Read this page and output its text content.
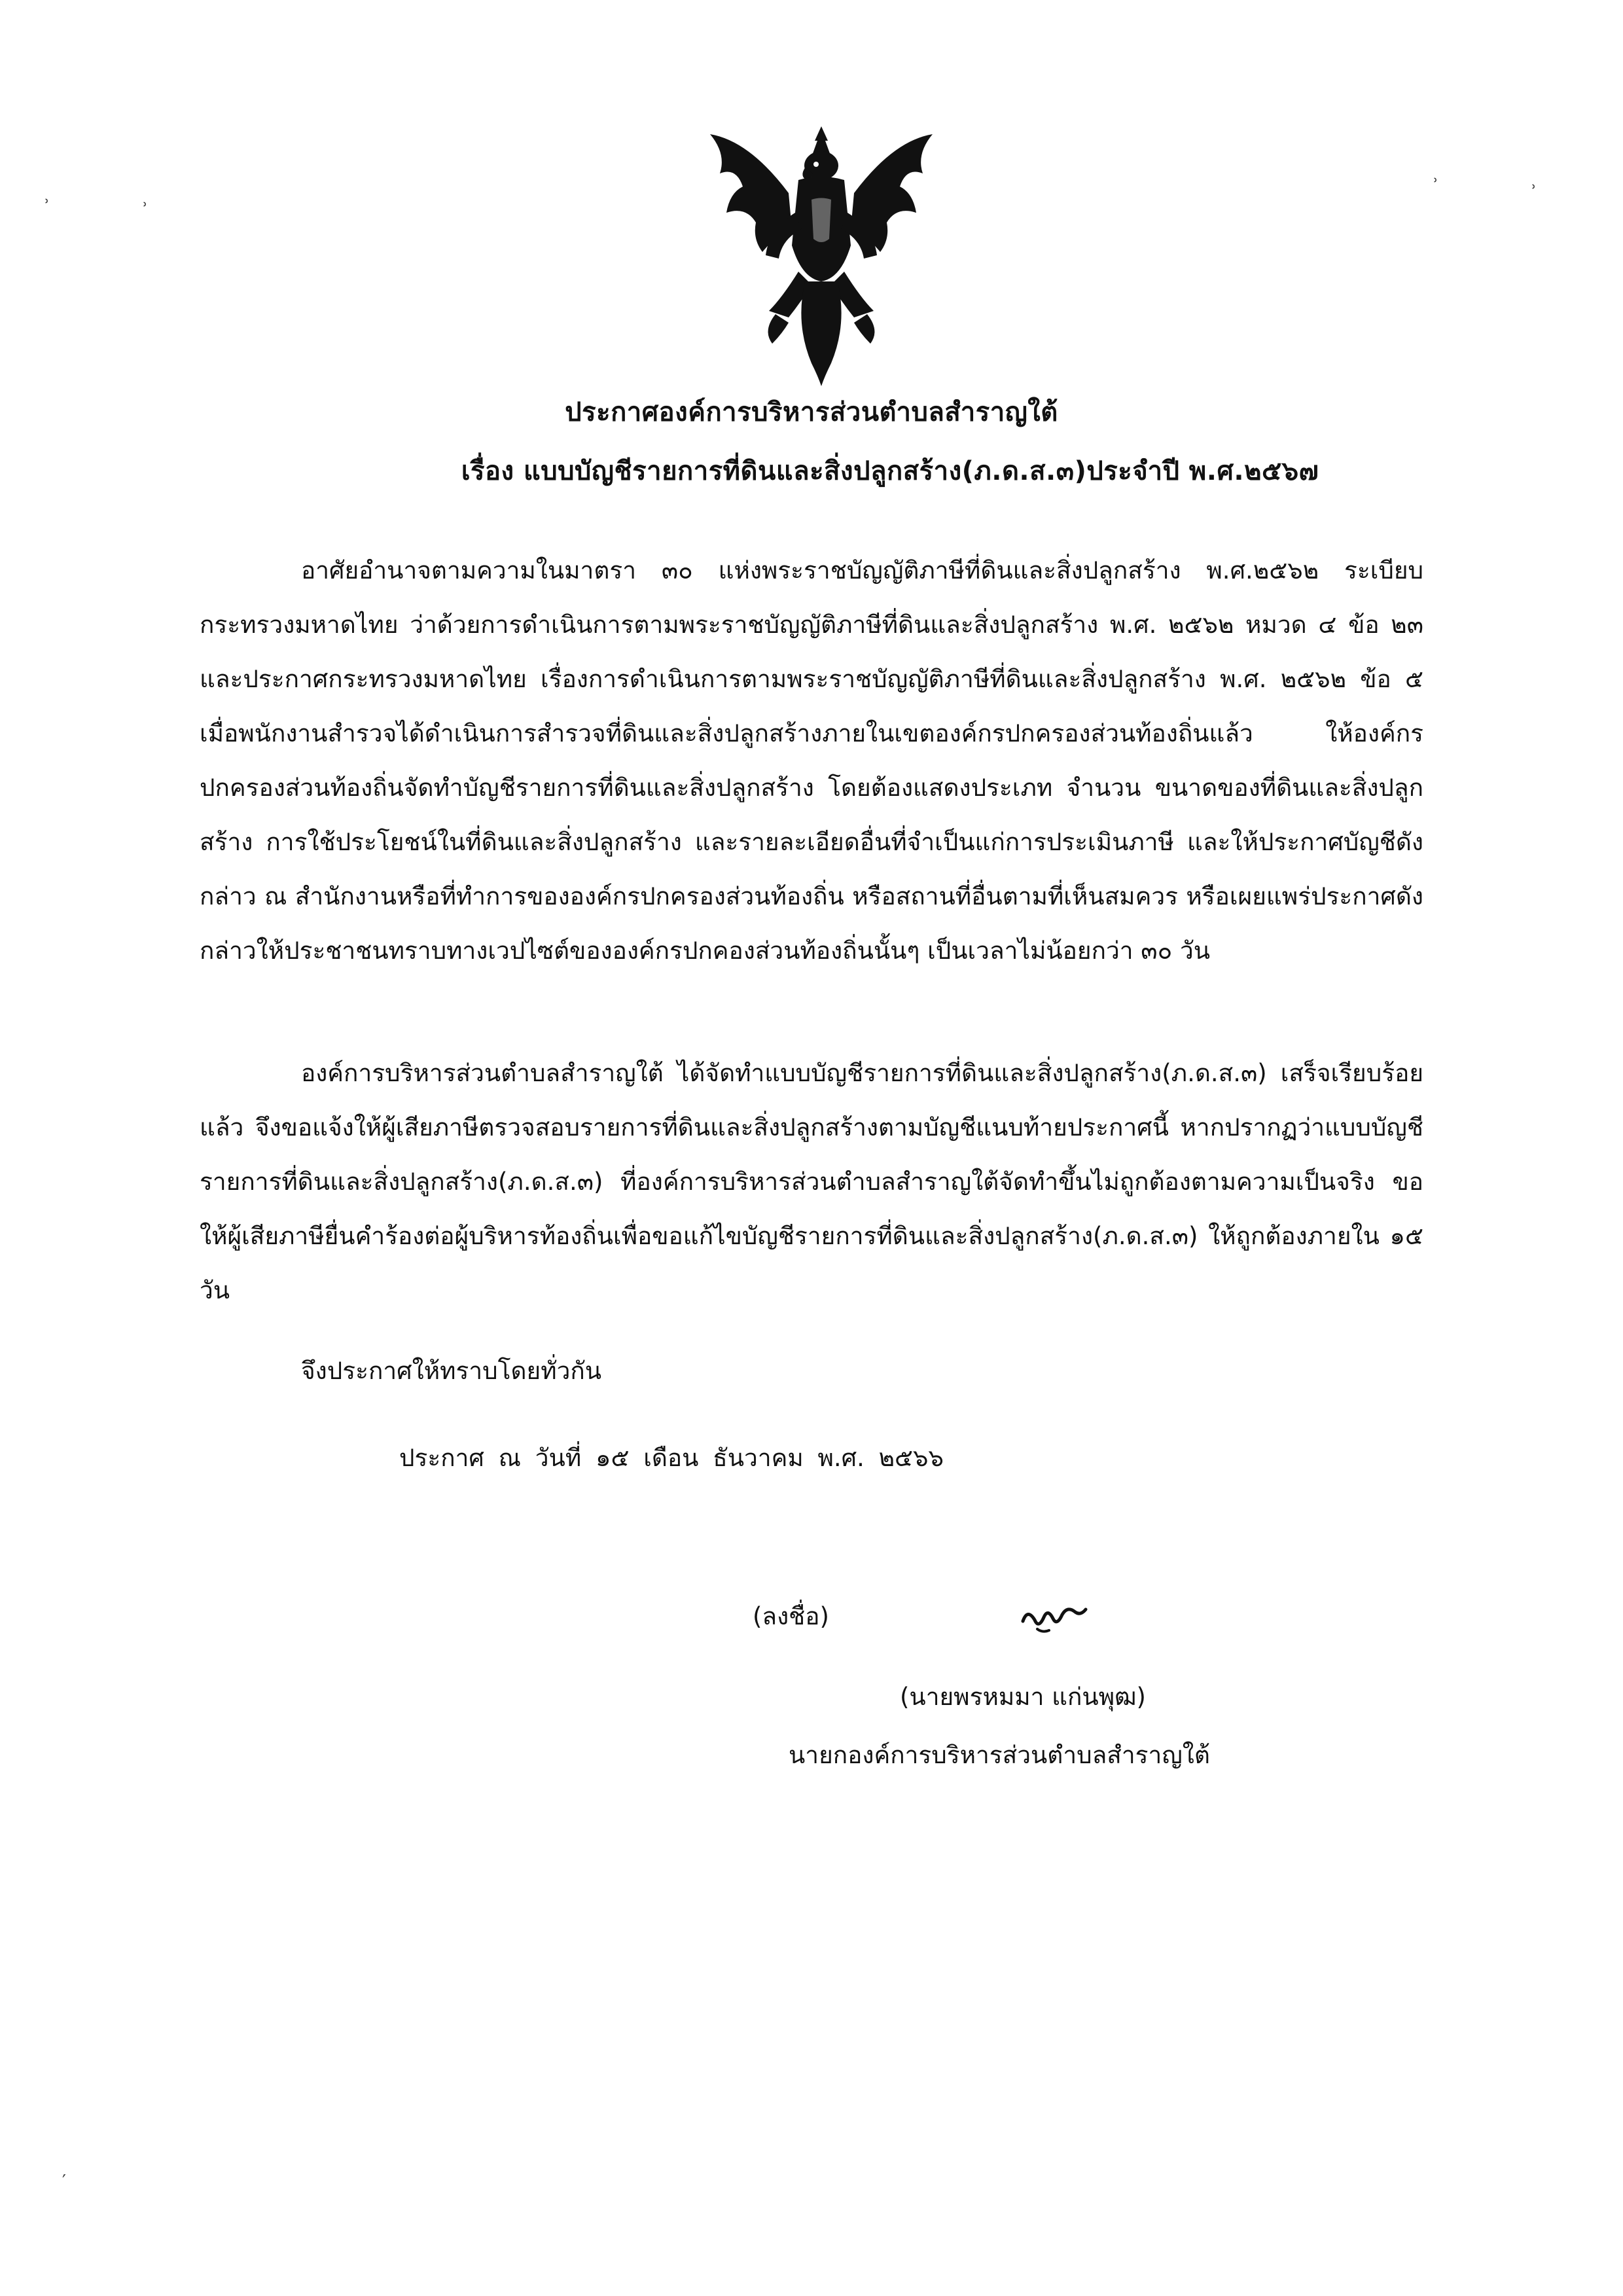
ประกาศองค์การบริหารส่วนตำบลสำราญใต้
เรื่อง แบบบัญชีรายการที่ดินและสิ่งปลูกสร้าง(ภ.ด.ส.๓)ประจำปี พ.ศ.๒๕๖๗
อาศัยอำนาจตามความในมาตรา ๓๐ แห่งพระราชบัญญัติภาษีที่ดินและสิ่งปลูกสร้าง พ.ศ.๒๕๖๒ ระเบียบกระทรวงมหาดไทย ว่าด้วยการดำเนินการตามพระราชบัญญัติภาษีที่ดินและสิ่งปลูกสร้าง พ.ศ. ๒๕๖๒ หมวด ๔ ข้อ ๒๓ และประกาศกระทรวงมหาดไทย เรื่องการดำเนินการตามพระราชบัญญัติภาษีที่ดินและสิ่งปลูกสร้าง พ.ศ. ๒๕๖๒ ข้อ ๕ เมื่อพนักงานสำรวจได้ดำเนินการสำรวจที่ดินและสิ่งปลูกสร้างภายในเขตองค์กรปกครองส่วนท้องถิ่นแล้ว ให้องค์กรปกครองส่วนท้องถิ่นจัดทำบัญชีรายการที่ดินและสิ่งปลูกสร้าง โดยต้องแสดงประเภท จำนวน ขนาดของที่ดินและสิ่งปลูกสร้าง การใช้ประโยชน์ในที่ดินและสิ่งปลูกสร้าง และรายละเอียดอื่นที่จำเป็นแก่การประเมินภาษี และให้ประกาศบัญชีดังกล่าว ณ สำนักงานหรือที่ทำการขององค์กรปกครองส่วนท้องถิ่น หรือสถานที่อื่นตามที่เห็นสมควร หรือเผยแพร่ประกาศดังกล่าวให้ประชาชนทราบทางเวปไซต์ขององค์กรปกคองส่วนท้องถิ่นนั้นๆ เป็นเวลาไม่น้อยกว่า ๓๐ วัน
องค์การบริหารส่วนตำบลสำราญใต้ ได้จัดทำแบบบัญชีรายการที่ดินและสิ่งปลูกสร้าง(ภ.ด.ส.๓) เสร็จเรียบร้อยแล้ว จึงขอแจ้งให้ผู้เสียภาษีตรวจสอบรายการที่ดินและสิ่งปลูกสร้างตามบัญชีแนบท้ายประกาศนี้ หากปรากฏว่าแบบบัญชีรายการที่ดินและสิ่งปลูกสร้าง(ภ.ด.ส.๓) ที่องค์การบริหารส่วนตำบลสำราญใต้จัดทำขึ้นไม่ถูกต้องตามความเป็นจริง ขอให้ผู้เสียภาษียื่นคำร้องต่อผู้บริหารท้องถิ่นเพื่อขอแก้ไขบัญชีรายการที่ดินและสิ่งปลูกสร้าง(ภ.ด.ส.๓) ให้ถูกต้องภายใน ๑๕ วัน
จึงประกาศให้ทราบโดยทั่วกัน
ประกาศ ณ วันที่ ๑๕ เดือน ธันวาคม พ.ศ. ๒๕๖๖
(ลงชื่อ)
(นายพรหมมา แก่นพุฒ)
นายกองค์การบริหารส่วนตำบลสำราญใต้
ʾ	ʾ
ʾ	ʾ
′
